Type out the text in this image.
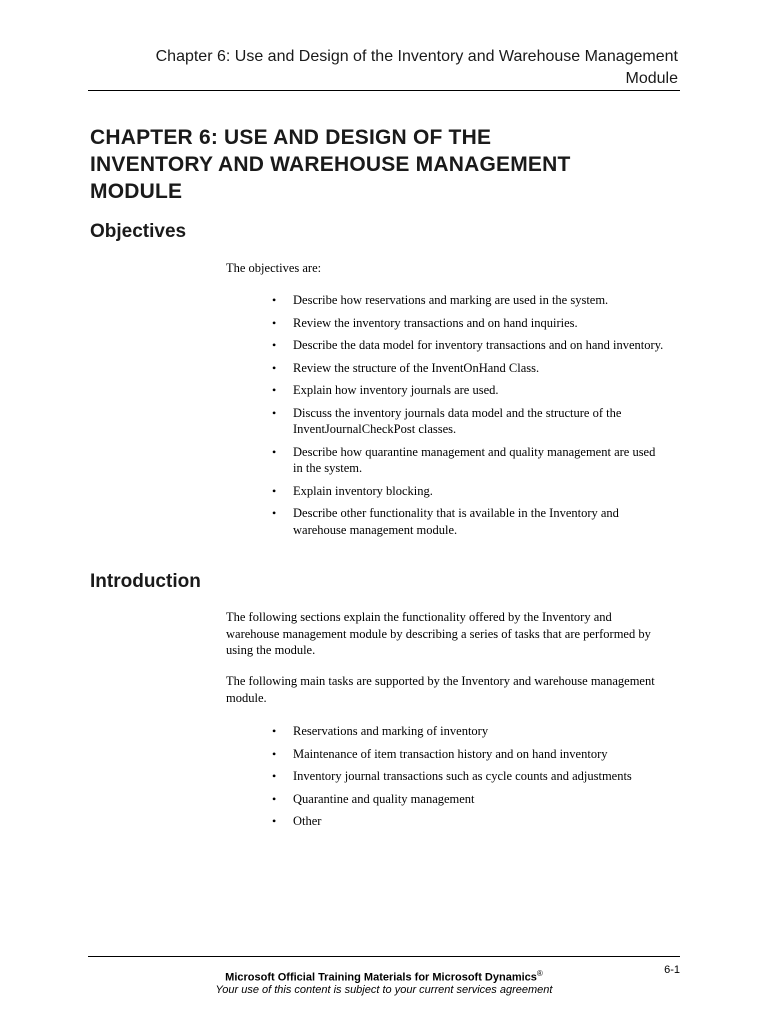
Chapter 6: Use and Design of the Inventory and Warehouse Management
Module
CHAPTER 6: USE AND DESIGN OF THE
INVENTORY AND WAREHOUSE MANAGEMENT
MODULE
Objectives

The objectives are:

• Describe how reservations and marking are used in the system.
• Review the inventory transactions and on hand inquiries.
• Describe the data model for inventory transactions and on hand inventory.
• Review the structure of the InventOnHand Class.
• Explain how inventory journals are used.
• Discuss the inventory journals data model and the structure of the InventJournalCheckPost classes.
• Describe how quarantine management and quality management are used in the system.
• Explain inventory blocking.
• Describe other functionality that is available in the Inventory and warehouse management module.
Introduction

The following sections explain the functionality offered by the Inventory and warehouse management module by describing a series of tasks that are performed by using the module.

The following main tasks are supported by the Inventory and warehouse management module.

• Reservations and marking of inventory
• Maintenance of item transaction history and on hand inventory
• Inventory journal transactions such as cycle counts and adjustments
• Quarantine and quality management
• Other
Microsoft Official Training Materials for Microsoft Dynamics®
Your use of this content is subject to your current services agreement
6-1
